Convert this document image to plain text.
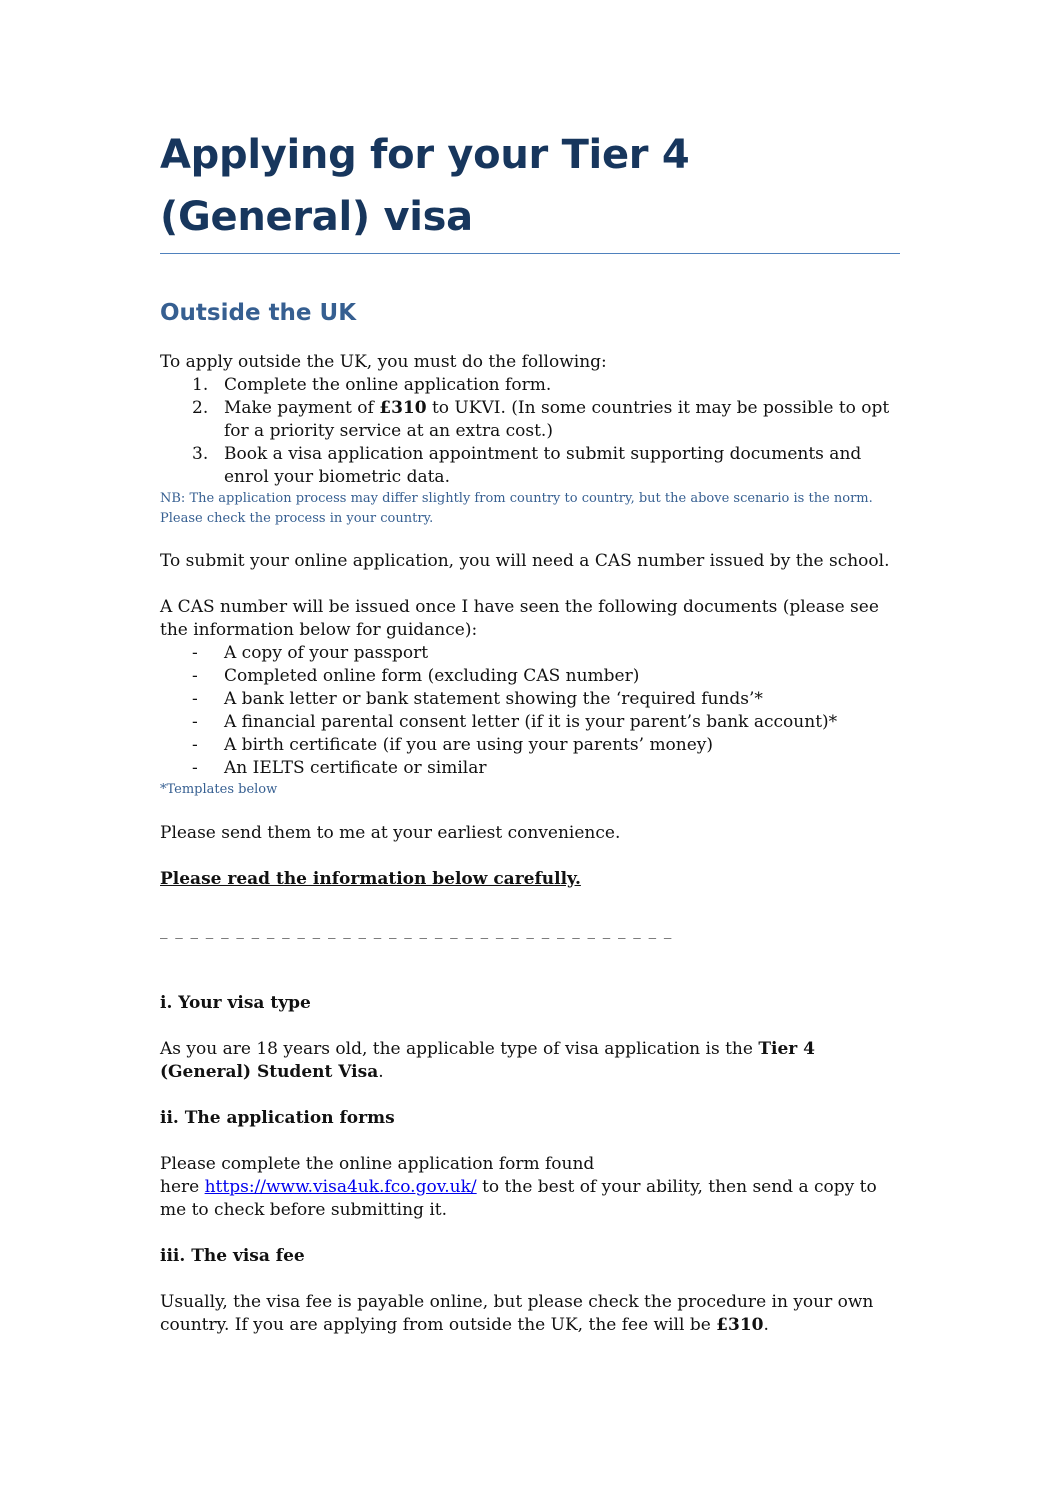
Applying for your Tier 4 (General) visa
Outside the UK

To apply outside the UK, you must do the following:

1. Complete the online application form.
2. Make payment of £310 to UKVI. (In some countries it may be possible to opt for a priority service at an extra cost.)
3. Book a visa application appointment to submit supporting documents and enrol your biometric data.

NB: The application process may differ slightly from country to country, but the above scenario is the norm. Please check the process in your country.

To submit your online application, you will need a CAS number issued by the school.

A CAS number will be issued once I have seen the following documents (please see the information below for guidance):

-	A copy of your passport
-	Completed online form (excluding CAS number)
-	A bank letter or bank statement showing the ‘required funds’*
-	A financial parental consent letter (if it is your parent’s bank account)*
-	A birth certificate (if you are using your parents’ money)
-	An IELTS certificate or similar

*Templates below

Please send them to me at your earliest convenience.

Please read the information below carefully.

_ _ _ _ _ _ _ _ _ _ _ _ _ _ _ _ _ _ _ _ _ _ _ _ _ _ _ _ _ _ _ _ _ _

i. Your visa type

As you are 18 years old, the applicable type of visa application is the Tier 4 (General) Student Visa.

ii. The application forms

Please complete the online application form found

here https://www.visa4uk.fco.gov.uk/ to the best of your ability, then send a copy to me to check before submitting it.

iii. The visa fee

Usually, the visa fee is payable online, but please check the procedure in your own country. If you are applying from outside the UK, the fee will be £310.
